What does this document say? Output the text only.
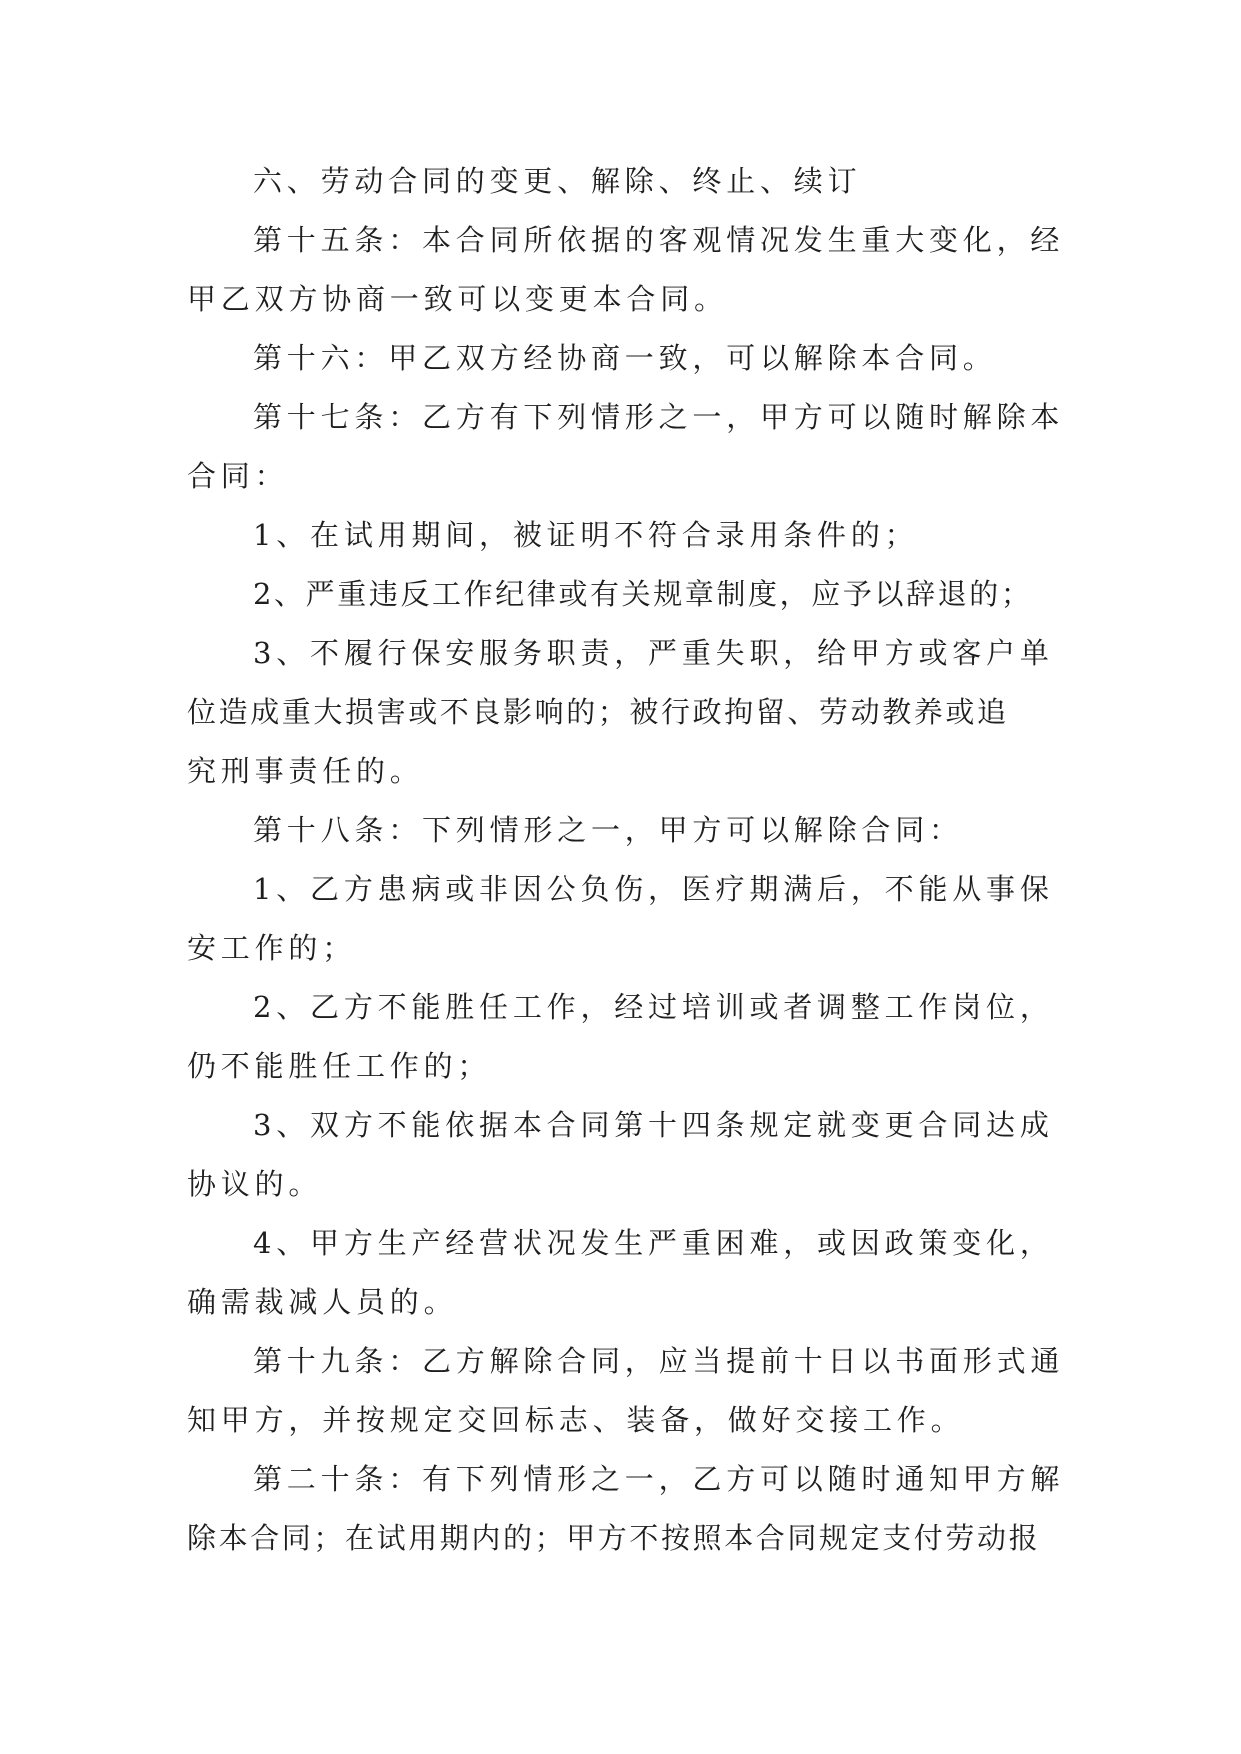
六、劳动合同的变更、解除、终止、续订
第十五条：本合同所依据的客观情况发生重大变化，经
甲乙双方协商一致可以变更本合同。
第十六：甲乙双方经协商一致，可以解除本合同。
第十七条：乙方有下列情形之一，甲方可以随时解除本
合同：
1、在试用期间，被证明不符合录用条件的；
2、严重违反工作纪律或有关规章制度，应予以辞退的；
3、不履行保安服务职责，严重失职，给甲方或客户单
位造成重大损害或不良影响的；被行政拘留、劳动教养或追
究刑事责任的。
第十八条：下列情形之一，甲方可以解除合同：
1、乙方患病或非因公负伤，医疗期满后，不能从事保
安工作的；
2、乙方不能胜任工作，经过培训或者调整工作岗位，
仍不能胜任工作的；
3、双方不能依据本合同第十四条规定就变更合同达成
协议的。
4、甲方生产经营状况发生严重困难，或因政策变化，
确需裁减人员的。
第十九条：乙方解除合同，应当提前十日以书面形式通
知甲方，并按规定交回标志、装备，做好交接工作。
第二十条：有下列情形之一，乙方可以随时通知甲方解
除本合同；在试用期内的；甲方不按照本合同规定支付劳动报
